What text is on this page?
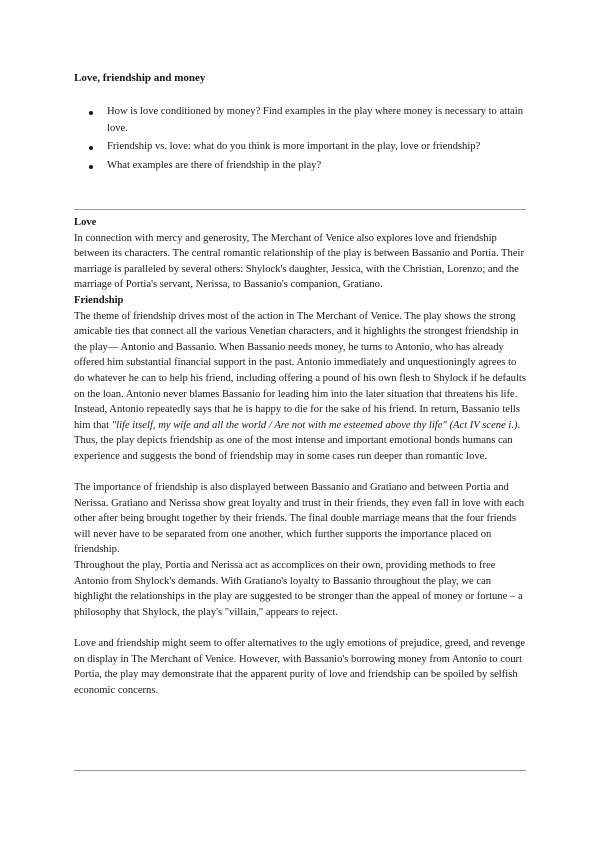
Love, friendship and money
How is love conditioned by money? Find examples in the play where money is necessary to attain love.
Friendship vs. love: what do you think is more important in the play, love or friendship?
What examples are there of friendship in the play?

Love

In connection with mercy and generosity, The Merchant of Venice also explores love and friendship between its characters. The central romantic relationship of the play is between Bassanio and Portia. Their marriage is paralleled by several others: Shylock's daughter, Jessica, with the Christian, Lorenzo; and the marriage of Portia's servant, Nerissa, to Bassanio's companion, Gratiano.

Friendship

The theme of friendship drives most of the action in The Merchant of Venice. The play shows the strong amicable ties that connect all the various Venetian characters, and it highlights the strongest friendship in the play— Antonio and Bassanio. When Bassanio needs money, he turns to Antonio, who has already offered him substantial financial support in the past. Antonio immediately and unquestioningly agrees to do whatever he can to help his friend, including offering a pound of his own flesh to Shylock if he defaults on the loan. Antonio never blames Bassanio for leading him into the later situation that threatens his life. Instead, Antonio repeatedly says that he is happy to die for the sake of his friend. In return, Bassanio tells him that "life itself, my wife and all the world / Are not with me esteemed above thy life" (Act IV scene i.). Thus, the play depicts friendship as one of the most intense and important emotional bonds humans can experience and suggests the bond of friendship may in some cases run deeper than romantic love.

The importance of friendship is also displayed between Bassanio and Gratiano and between Portia and Nerissa. Gratiano and Nerissa show great loyalty and trust in their friends, they even fall in love with each other after being brought together by their friends. The final double marriage means that the four friends will never have to be separated from one another, which further supports the importance placed on friendship.

Throughout the play, Portia and Nerissa act as accomplices on their own, providing methods to free Antonio from Shylock's demands. With Gratiano's loyalty to Bassanio throughout the play, we can highlight the relationships in the play are suggested to be stronger than the appeal of money or fortune – a philosophy that Shylock, the play's "villain," appears to reject.

Love and friendship might seem to offer alternatives to the ugly emotions of prejudice, greed, and revenge on display in The Merchant of Venice. However, with Bassanio's borrowing money from Antonio to court Portia, the play may demonstrate that the apparent purity of love and friendship can be spoiled by selfish economic concerns.
